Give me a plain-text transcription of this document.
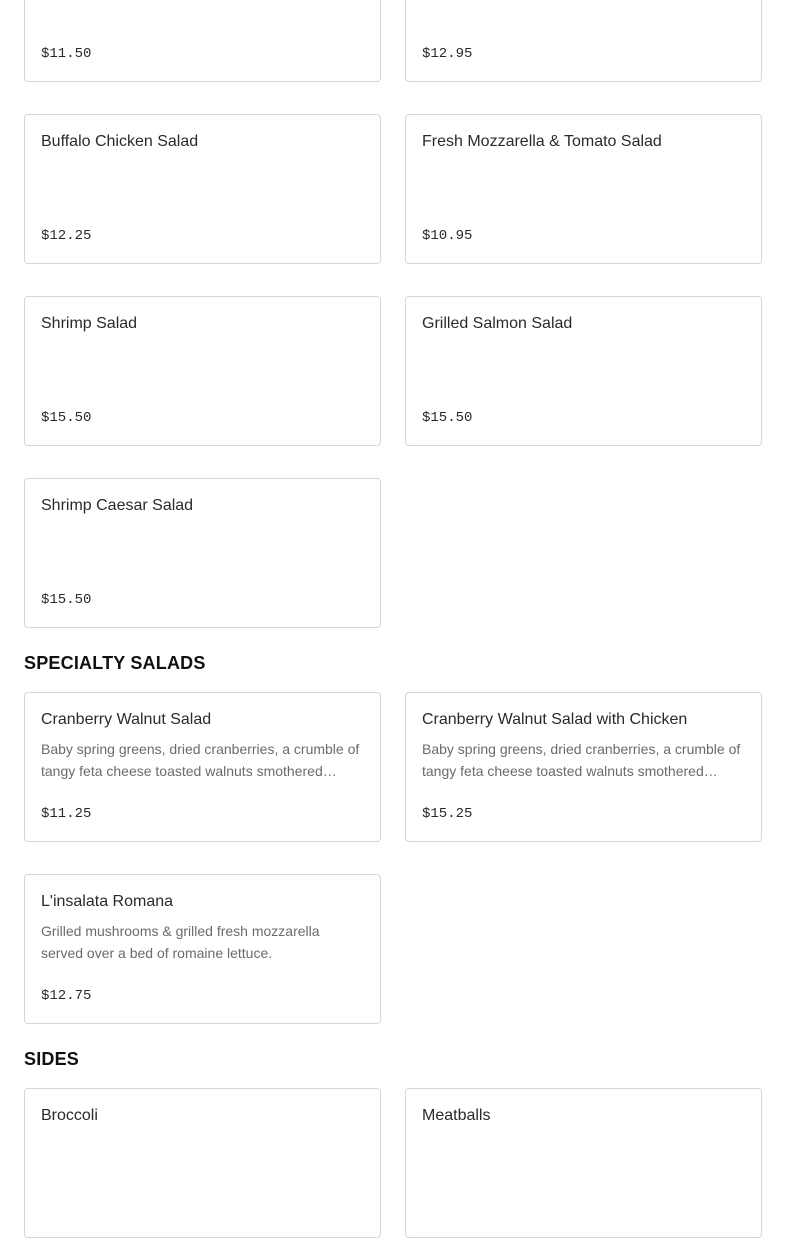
$11.50	$12.95
Buffalo Chicken Salad
$12.25
Fresh Mozzarella & Tomato Salad
$10.95
Shrimp Salad
$15.50
Grilled Salmon Salad
$15.50
Shrimp Caesar Salad
$15.50
SPECIALTY SALADS
Cranberry Walnut Salad
Baby spring greens, dried cranberries, a crumble of tangy feta cheese toasted walnuts smothered…
$11.25
Cranberry Walnut Salad with Chicken
Baby spring greens, dried cranberries, a crumble of tangy feta cheese toasted walnuts smothered…
$15.25
L'insalata Romana
Grilled mushrooms & grilled fresh mozzarella served over a bed of romaine lettuce.
$12.75
SIDES
Broccoli	Meatballs
